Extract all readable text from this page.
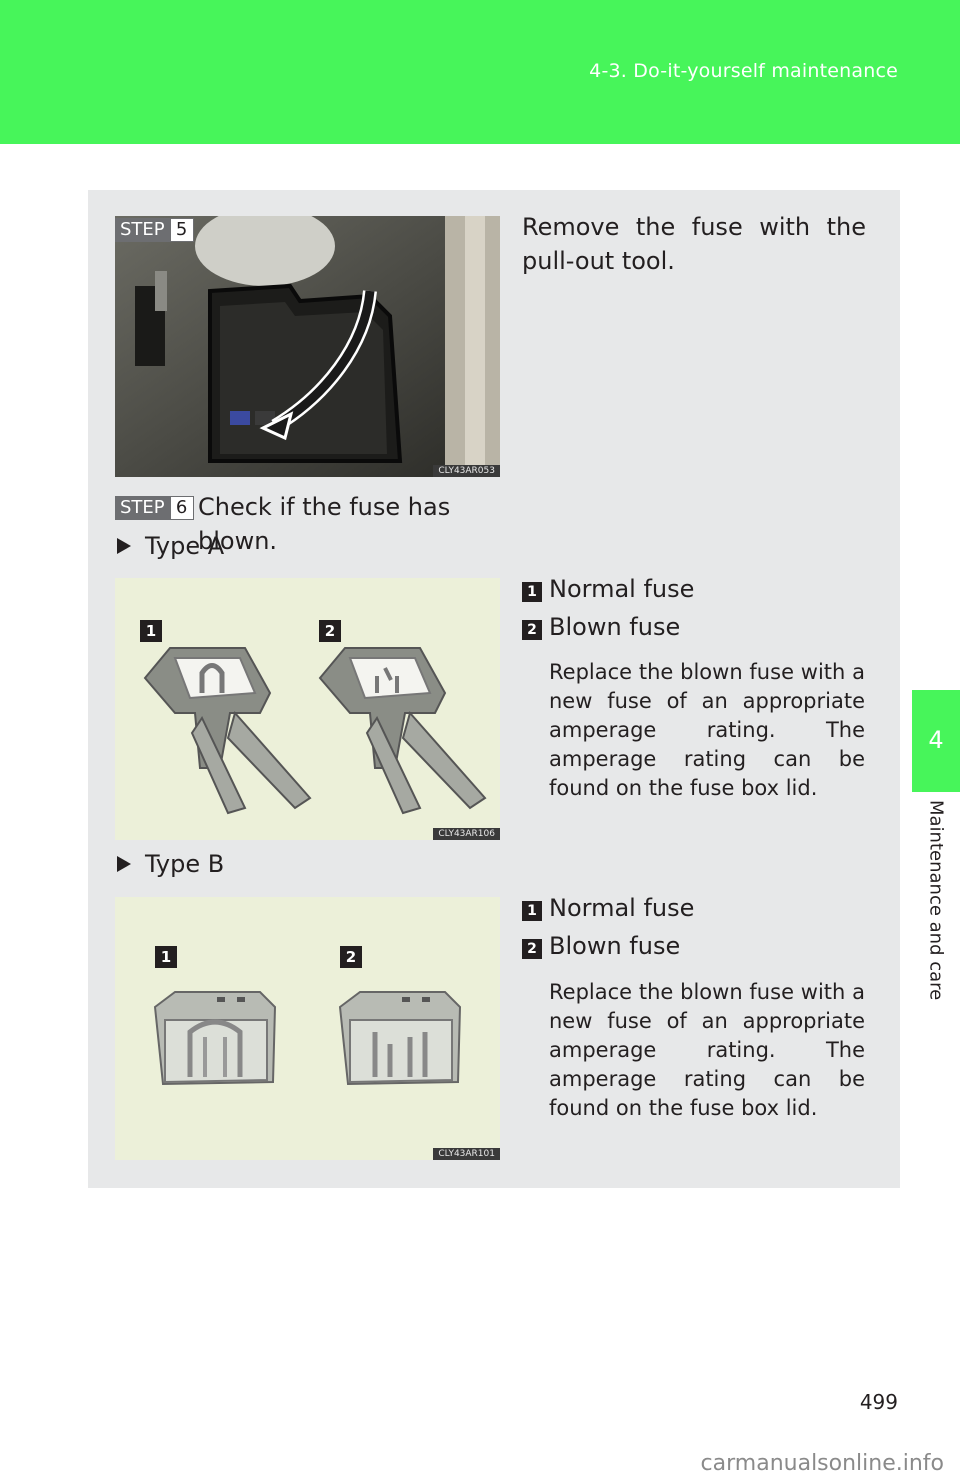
4-3. Do-it-yourself maintenance
4
Maintenance and care
CLY43AR053
STEP 5	Remove the fuse with the pull-out tool.
STEP 6 Check if the fuse has blown.
Type A
1	2
CLY43AR106
1 Normal fuse
2 Blown fuse
Replace the blown fuse with a new fuse of an appropriate amperage rating. The amperage rating can be found on the fuse box lid.
Type B
1	2
CLY43AR101
1 Normal fuse
2 Blown fuse
Replace the blown fuse with a new fuse of an appropriate amperage rating. The amperage rating can be found on the fuse box lid.
499
carmanualsonline.info
